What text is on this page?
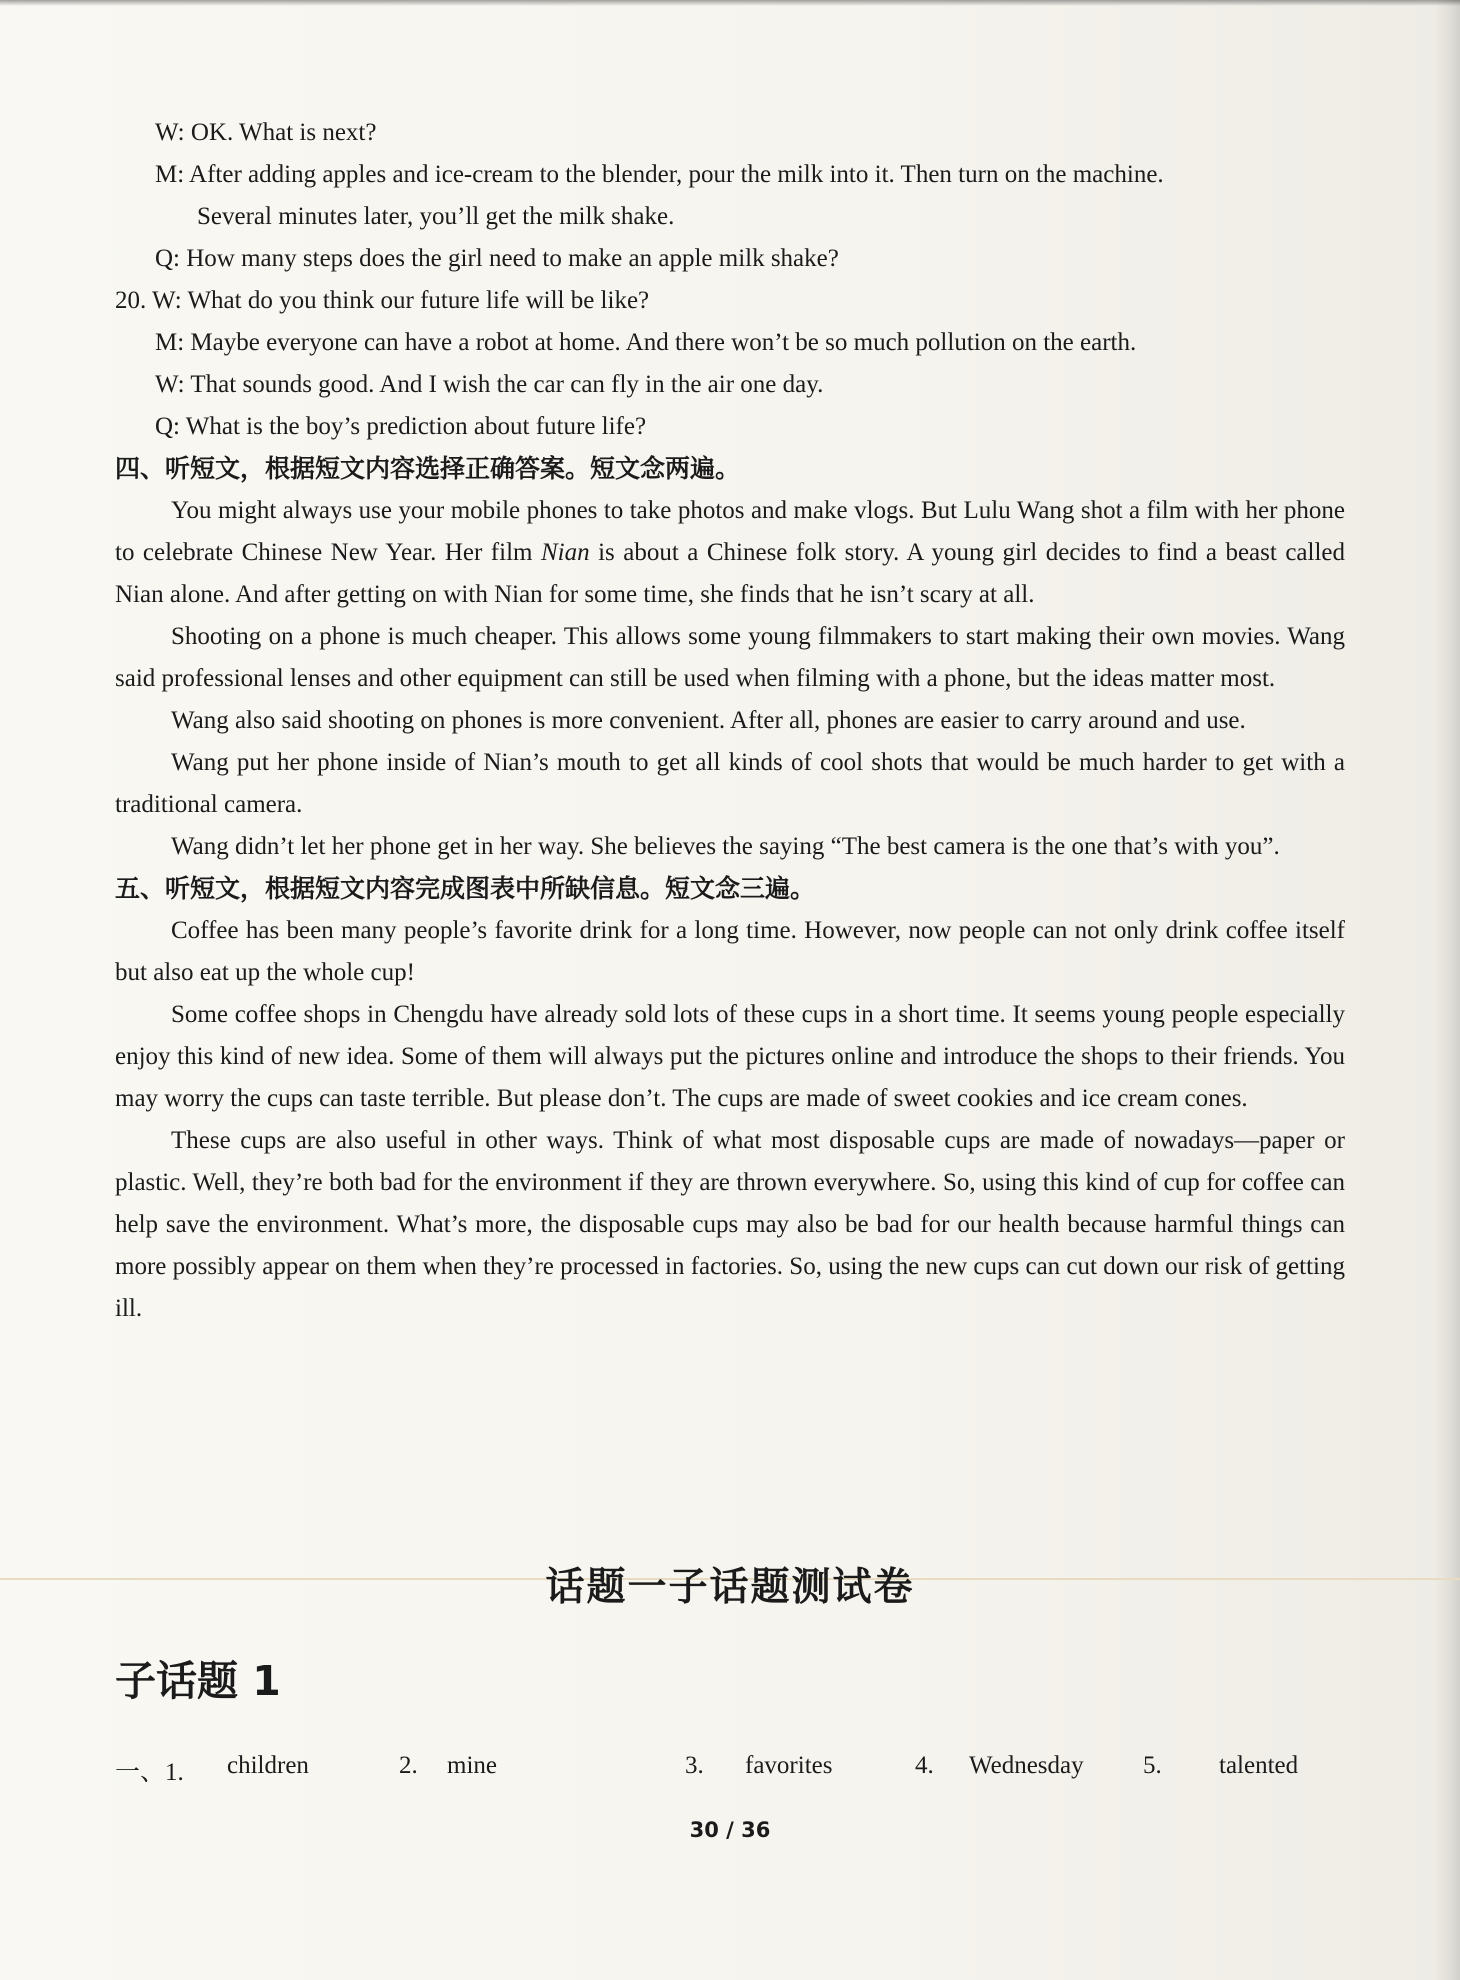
W: OK. What is next?
M: After adding apples and ice-cream to the blender, pour the milk into it. Then turn on the machine.
Several minutes later, you’ll get the milk shake.
Q: How many steps does the girl need to make an apple milk shake?
20. W: What do you think our future life will be like?
M: Maybe everyone can have a robot at home. And there won’t be so much pollution on the earth.
W: That sounds good. And I wish the car can fly in the air one day.
Q: What is the boy’s prediction about future life?
四、听短文，根据短文内容选择正确答案。短文念两遍。
You might always use your mobile phones to take photos and make vlogs. But Lulu Wang shot a film with her phone to celebrate Chinese New Year. Her film Nian is about a Chinese folk story. A young girl decides to find a beast called Nian alone. And after getting on with Nian for some time, she finds that he isn’t scary at all.
Shooting on a phone is much cheaper. This allows some young filmmakers to start making their own movies. Wang said professional lenses and other equipment can still be used when filming with a phone, but the ideas matter most.
Wang also said shooting on phones is more convenient. After all, phones are easier to carry around and use.
Wang put her phone inside of Nian’s mouth to get all kinds of cool shots that would be much harder to get with a traditional camera.
Wang didn’t let her phone get in her way. She believes the saying “The best camera is the one that’s with you”.
五、听短文，根据短文内容完成图表中所缺信息。短文念三遍。
Coffee has been many people’s favorite drink for a long time. However, now people can not only drink coffee itself but also eat up the whole cup!
Some coffee shops in Chengdu have already sold lots of these cups in a short time. It seems young people especially enjoy this kind of new idea. Some of them will always put the pictures online and introduce the shops to their friends. You may worry the cups can taste terrible. But please don’t. The cups are made of sweet cookies and ice cream cones.
These cups are also useful in other ways. Think of what most disposable cups are made of nowadays—paper or plastic. Well, they’re both bad for the environment if they are thrown everywhere. So, using this kind of cup for coffee can help save the environment. What’s more, the disposable cups may also be bad for our health because harmful things can more possibly appear on them when they’re processed in factories. So, using the new cups can cut down our risk of getting ill.
话题一子话题测试卷
子话题 1
一、1. children	2. mine	3. favorites	4. Wednesday 5. talented
30 / 36
